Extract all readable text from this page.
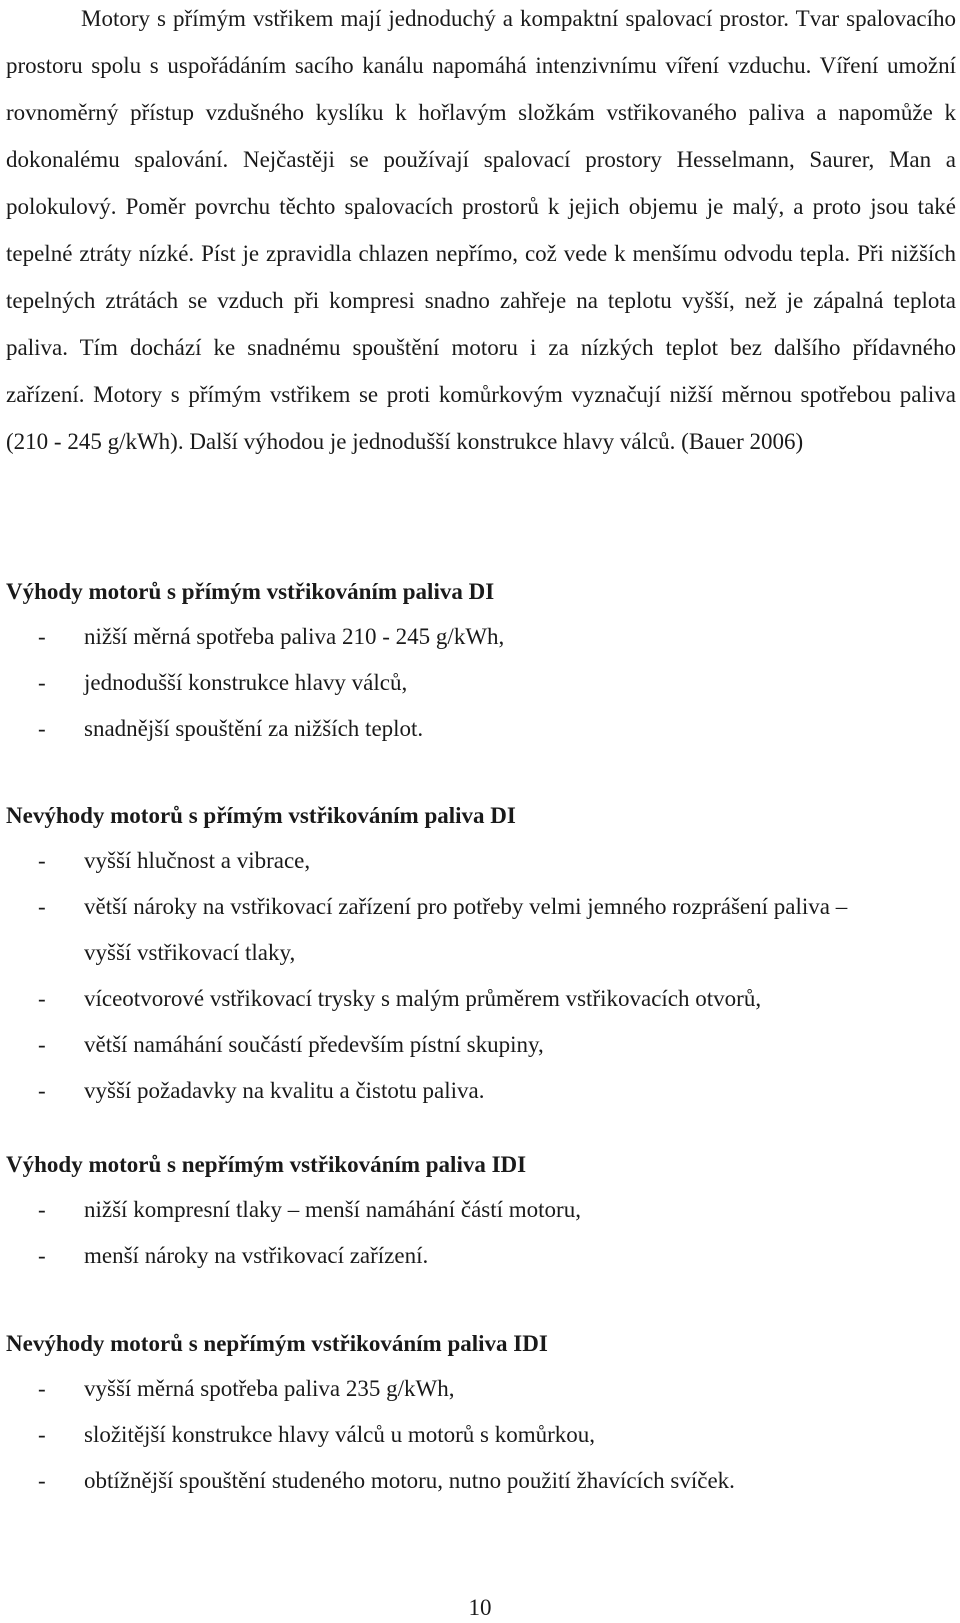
Motory s přímým vstřikem mají jednoduchý a kompaktní spalovací prostor. Tvar spalovacího prostoru spolu s uspořádáním sacího kanálu napomáhá intenzivnímu víření vzduchu. Víření umožní rovnoměrný přístup vzdušného kyslíku k hořlavým složkám vstřikovaného paliva a napomůže k dokonalému spalování. Nejčastěji se používají spalovací prostory Hesselmann, Saurer, Man a polokulový. Poměr povrchu těchto spalovacích prostorů k jejich objemu je malý, a proto jsou také tepelné ztráty nízké. Píst je zpravidla chlazen nepřímo, což vede k menšímu odvodu tepla. Při nižších tepelných ztrátách se vzduch při kompresi snadno zahřeje na teplotu vyšší, než je zápalná teplota paliva. Tím dochází ke snadnému spouštění motoru i za nízkých teplot bez dalšího přídavného zařízení. Motory s přímým vstřikem se proti komůrkovým vyznačují nižší měrnou spotřebou paliva (210 - 245 g/kWh). Další výhodou je jednodušší konstrukce hlavy válců. (Bauer 2006)

Výhody motorů s přímým vstřikováním paliva DI
- nižší měrná spotřeba paliva 210 - 245 g/kWh,
- jednodušší konstrukce hlavy válců,
- snadnější spouštění za nižších teplot.
Nevýhody motorů s přímým vstřikováním paliva DI
- vyšší hlučnost a vibrace,
- větší nároky na vstřikovací zařízení pro potřeby velmi jemného rozprášení paliva – vyšší vstřikovací tlaky,
- víceotvorové vstřikovací trysky s malým průměrem vstřikovacích otvorů,
- větší namáhání součástí především pístní skupiny,
- vyšší požadavky na kvalitu a čistotu paliva.
Výhody motorů s nepřímým vstřikováním paliva IDI
- nižší kompresní tlaky – menší namáhání částí motoru,
- menší nároky na vstřikovací zařízení.
Nevýhody motorů s nepřímým vstřikováním paliva IDI
- vyšší měrná spotřeba paliva 235 g/kWh,
- složitější konstrukce hlavy válců u motorů s komůrkou,
- obtížnější spouštění studeného motoru, nutno použití žhavících svíček.
10
